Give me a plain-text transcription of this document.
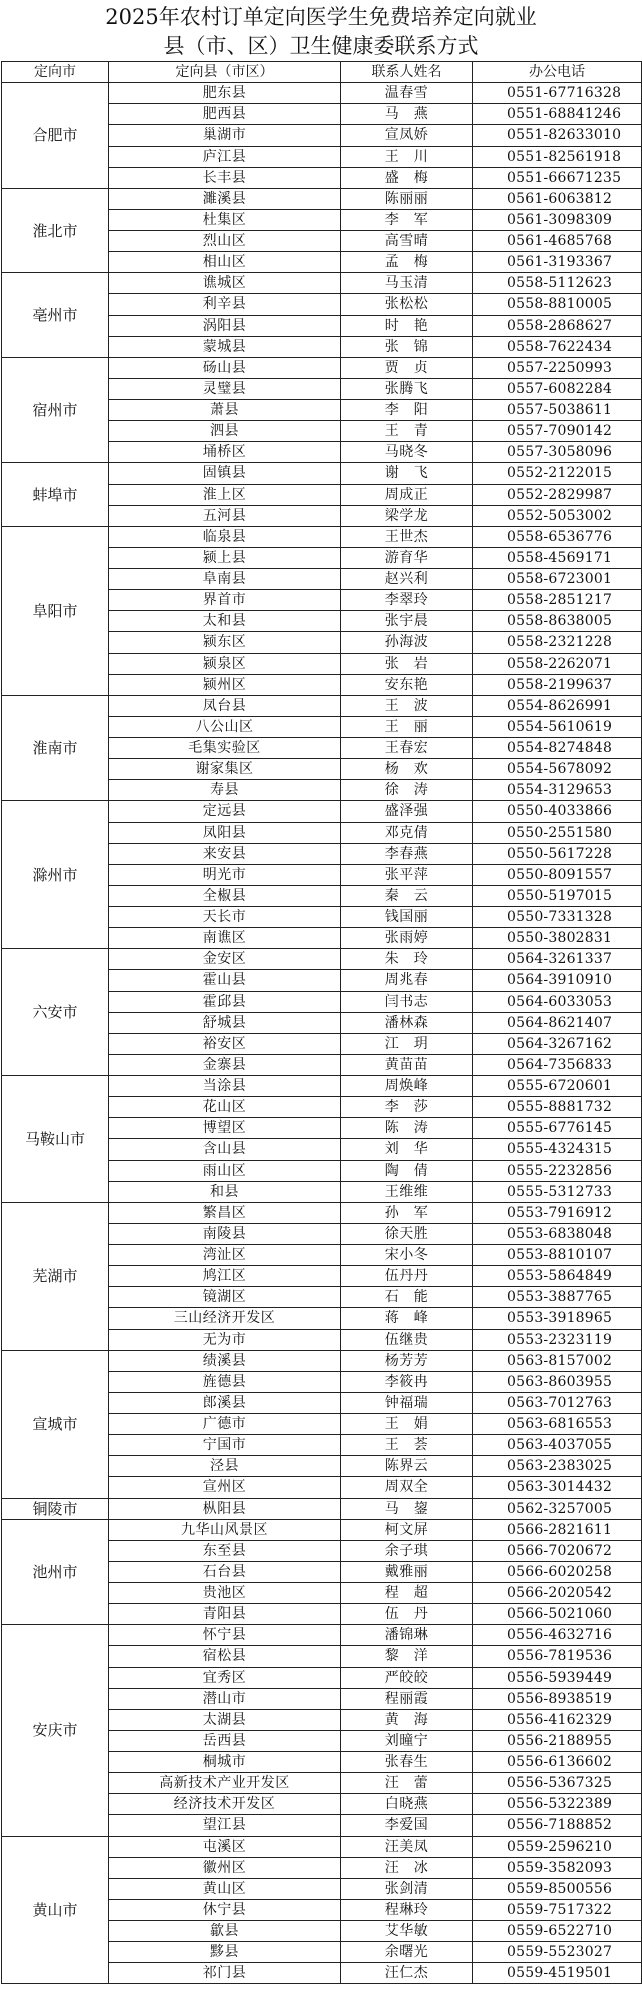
2025年农村订单定向医学生免费培养定向就业
县（市、区）卫生健康委联系方式
定向市	定向县（市区）	联系人姓名	办公电话
合肥市	肥东县	温春雪	0551-67716328
	肥西县	马　燕	0551-68841246
	巢湖市	宣凤娇	0551-82633010
	庐江县	王　川	0551-82561918
	长丰县	盛　梅	0551-66671235
淮北市	濉溪县	陈丽丽	0561-6063812
	杜集区	李　军	0561-3098309
	烈山区	高雪晴	0561-4685768
	相山区	孟　梅	0561-3193367
亳州市	谯城区	马玉清	0558-5112623
	利辛县	张松松	0558-8810005
	涡阳县	时　艳	0558-2868627
	蒙城县	张　锦	0558-7622434
宿州市	砀山县	贾　贞	0557-2250993
	灵璧县	张腾飞	0557-6082284
	萧县	李　阳	0557-5038611
	泗县	王　青	0557-7090142
	埇桥区	马晓冬	0557-3058096
蚌埠市	固镇县	谢　飞	0552-2122015
	淮上区	周成正	0552-2829987
	五河县	梁学龙	0552-5053002
阜阳市	临泉县	王世杰	0558-6536776
	颍上县	游育华	0558-4569171
	阜南县	赵兴利	0558-6723001
	界首市	李翠玲	0558-2851217
	太和县	张宇晨	0558-8638005
	颍东区	孙海波	0558-2321228
	颍泉区	张　岩	0558-2262071
	颍州区	安东艳	0558-2199637
淮南市	凤台县	王　波	0554-8626991
	八公山区	王　丽	0554-5610619
	毛集实验区	王春宏	0554-8274848
	谢家集区	杨　欢	0554-5678092
	寿县	徐　涛	0554-3129653
滁州市	定远县	盛泽强	0550-4033866
	凤阳县	邓克倩	0550-2551580
	来安县	李春燕	0550-5617228
	明光市	张平萍	0550-8091557
	全椒县	秦　云	0550-5197015
	天长市	钱国丽	0550-7331328
	南谯区	张雨婷	0550-3802831
六安市	金安区	朱　玲	0564-3261337
	霍山县	周兆春	0564-3910910
	霍邱县	闫书志	0564-6033053
	舒城县	潘林森	0564-8621407
	裕安区	江　玥	0564-3267162
	金寨县	黄苗苗	0564-7356833
马鞍山市	当涂县	周焕峰	0555-6720601
	花山区	李　莎	0555-8881732
	博望区	陈　涛	0555-6776145
	含山县	刘　华	0555-4324315
	雨山区	陶　倩	0555-2232856
	和县	王维维	0555-5312733
芜湖市	繁昌区	孙　军	0553-7916912
	南陵县	徐天胜	0553-6838048
	湾沚区	宋小冬	0553-8810107
	鸠江区	伍丹丹	0553-5864849
	镜湖区	石　能	0553-3887765
	三山经济开发区	蒋　峰	0553-3918965
	无为市	伍继贵	0553-2323119
宣城市	绩溪县	杨芳芳	0563-8157002
	旌德县	李筱冉	0563-8603955
	郎溪县	钟福瑞	0563-7012763
	广德市	王　娟	0563-6816553
	宁国市	王　荟	0563-4037055
	泾县	陈界云	0563-2383025
	宣州区	周双全	0563-3014432
铜陵市	枞阳县	马　鋆	0562-3257005
池州市	九华山风景区	柯文屏	0566-2821611
	东至县	余子琪	0566-7020672
	石台县	戴雅丽	0566-6020258
	贵池区	程　超	0566-2020542
	青阳县	伍　丹	0566-5021060
安庆市	怀宁县	潘锦琳	0556-4632716
	宿松县	黎　洋	0556-7819536
	宜秀区	严皎皎	0556-5939449
	潜山市	程丽霞	0556-8938519
	太湖县	黄　海	0556-4162329
	岳西县	刘曈宁	0556-2188955
	桐城市	张春生	0556-6136602
	高新技术产业开发区	汪　蕾	0556-5367325
	经济技术开发区	白晓燕	0556-5322389
	望江县	李爱国	0556-7188852
黄山市	屯溪区	汪美凤	0559-2596210
	徽州区	汪　冰	0559-3582093
	黄山区	张剑清	0559-8500556
	休宁县	程琳玲	0559-7517322
	歙县	艾华敏	0559-6522710
	黟县	余曙光	0559-5523027
	祁门县	汪仁杰	0559-4519501
